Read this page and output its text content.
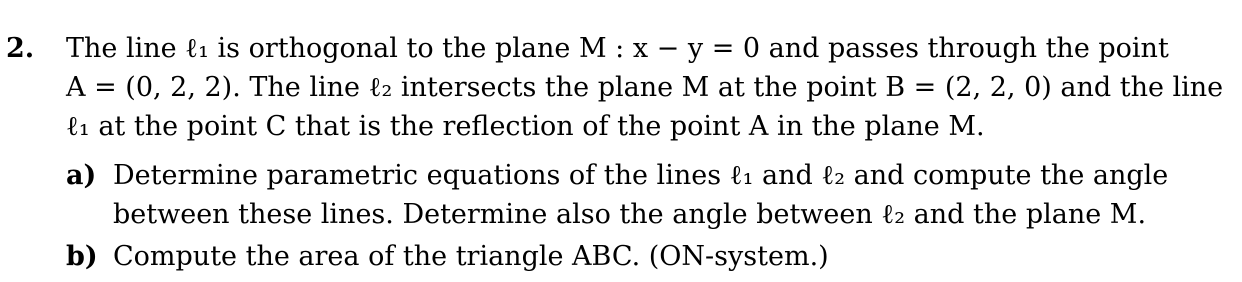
2. The line ℓ₁ is orthogonal to the plane M : x − y = 0 and passes through the point
A = (0, 2, 2). The line ℓ₂ intersects the plane M at the point B = (2, 2, 0) and the line
ℓ₁ at the point C that is the reflection of the point A in the plane M.
a) Determine parametric equations of the lines ℓ₁ and ℓ₂ and compute the angle
between these lines. Determine also the angle between ℓ₂ and the plane M.
b) Compute the area of the triangle ABC. (ON-system.)
